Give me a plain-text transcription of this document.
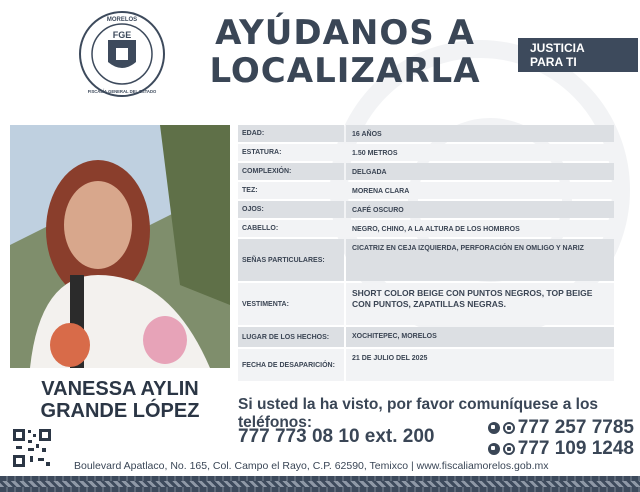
FGE
MORELOS
FISCALÍA GENERAL DEL ESTADO
AYÚDANOS A
LOCALIZARLA
JUSTICIA
PARA TI
VANESSA AYLIN
GRANDE LÓPEZ
EDAD:	16 AÑOS
ESTATURA:	1.50 METROS
COMPLEXIÓN:	DELGADA
TEZ:	MORENA CLARA
OJOS:	CAFÉ OSCURO
CABELLO:	NEGRO, CHINO, A LA ALTURA DE LOS HOMBROS
SEÑAS PARTICULARES:
CICATRIZ EN CEJA IZQUIERDA, PERFORACIÓN EN OMLIGO Y NARIZ
VESTIMENTA:
SHORT COLOR BEIGE CON PUNTOS NEGROS, TOP BEIGE CON PUNTOS, ZAPATILLAS NEGRAS.
LUGAR DE LOS HECHOS:	XOCHITEPEC, MORELOS
FECHA DE DESAPARICIÓN:
21 DE JULIO DEL 2025
Si usted la ha visto, por favor comuníquese a los teléfonos:
777 773 08 10 ext. 200	777 257 7785
777 109 1248
Boulevard Apatlaco, No. 165, Col. Campo el Rayo, C.P. 62590, Temixco | www.fiscaliamorelos.gob.mx
